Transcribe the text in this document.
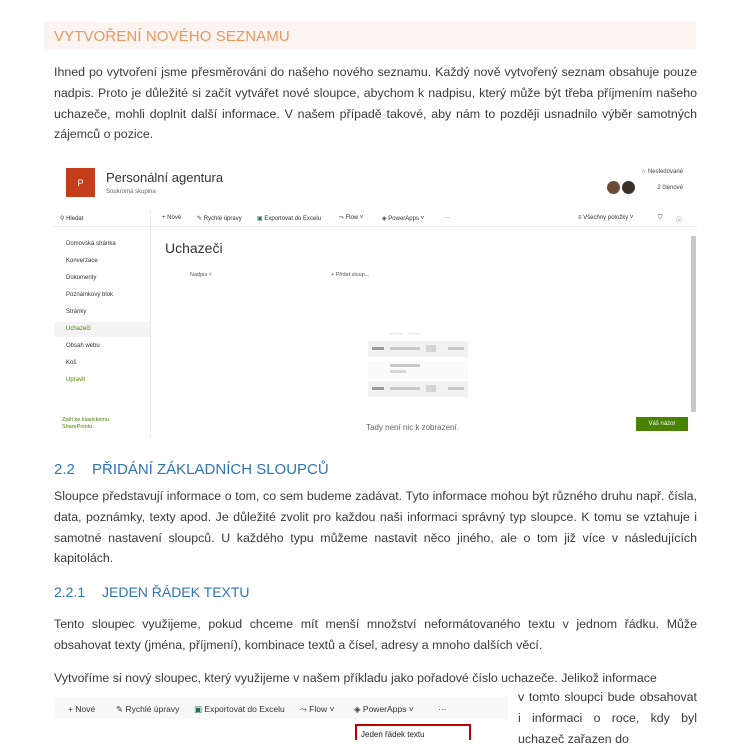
VYTVOŘENÍ NOVÉHO SEZNAMU
Ihned po vytvoření jsme přesměrováni do našeho nového seznamu. Každý nově vytvořený seznam obsahuje pouze nadpis. Proto je důležité si začít vytvářet nové sloupce, abychom k nadpisu, který může být třeba příjmením našeho uchazeče, mohli doplnit další informace. V našem případě takové, aby nám to později usnadnilo výběr samotných zájemců o pozice.
P	Personální agentura
Soukromá skupina
☆ Nesledované
2 členové
⚲ Hledat	+ Nové	✎ Rychlé úpravy	▣ Exportovat do Excelu	⤳ Flow ˅	◈ PowerApps ˅	···	≡ Všechny položky ˅	⛉ ⓘ
Domovská stránka
Konverzace
Dokumenty
Poznámkový blok
Stránky
Uchazeči
Obsah webu
Koš
Upravit
Zpět ke klasickému SharePointu
Uchazeči
Nadpis ˅	+ Přidat sloup...
Tady není nic k zobrazení.	Váš názor
2.2 PŘIDÁNÍ ZÁKLADNÍCH SLOUPCŮ
Sloupce představují informace o tom, co sem budeme zadávat. Tyto informace mohou být různého druhu např. čísla, data, poznámky, texty apod. Je důležité zvolit pro každou naši informaci správný typ sloupce. K tomu se vztahuje i samotné nastavení sloupců. U každého typu můžeme nastavit něco jiného, ale o tom již více v následujících kapitolách.
2.2.1 JEDEN ŘÁDEK TEXTU
Tento sloupec využijeme, pokud chceme mít menší množství neformátovaného textu v jednom řádku. Může obsahovat texty (jména, příjmení), kombinace textů a čísel, adresy a mnoho dalších věcí.
Vytvoříme si nový sloupec, který využijeme v našem příkladu jako pořadové číslo uchazeče. Jelikož informace
+ Nové ✎ Rychlé úpravy ▣ Exportovat do Excelu ⤳ Flow ˅ ◈ PowerApps ˅	···
Jeden řádek textu
v tomto sloupci bude obsahovat i informaci o roce, kdy byl uchazeč zařazen do
